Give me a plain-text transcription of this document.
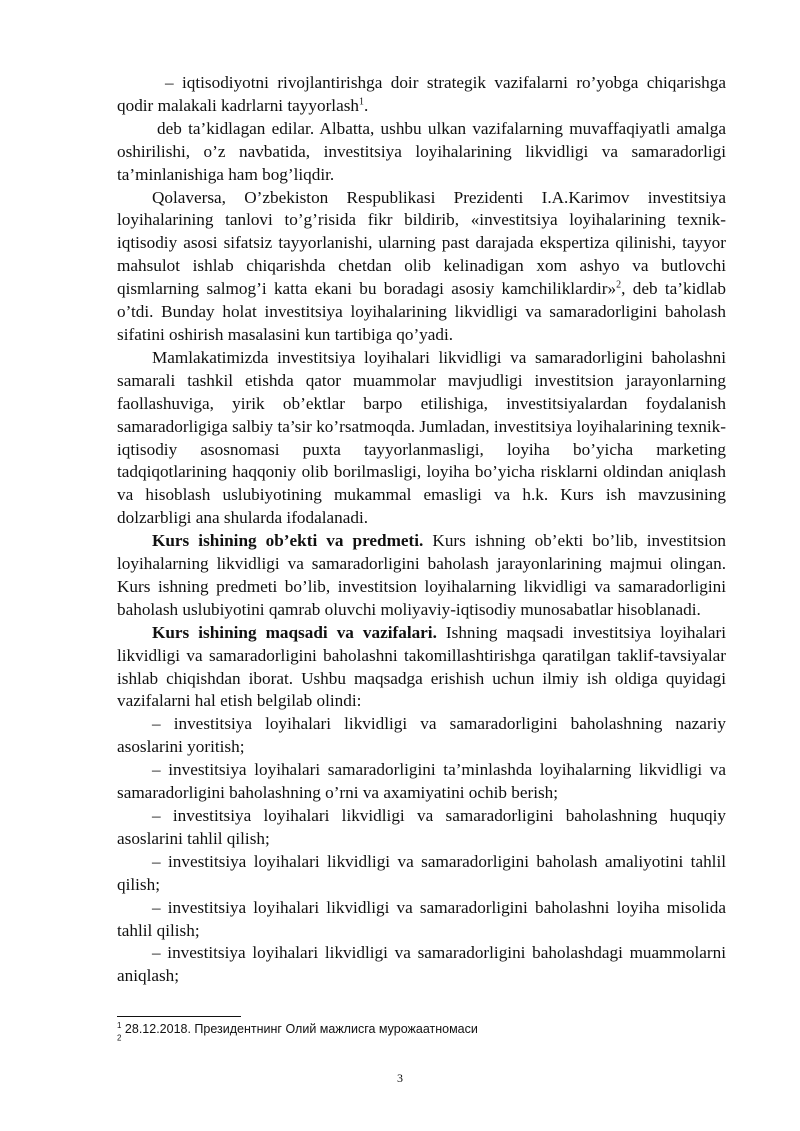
– iqtisodiyotni rivojlantirishga doir strategik vazifalarni ro’yobga chiqarishga qodir malakali kadrlarni tayyorlash$^1$.

deb ta’kidlagan edilar. Albatta, ushbu ulkan vazifalarning muvaffaqiyatli amalga oshirilishi, o’z navbatida, investitsiya loyihalarining likvidligi va samaradorligi ta’minlanishiga ham bog’liqdir.

Qolaversa, O’zbekiston Respublikasi Prezidenti I.A.Karimov investitsiya loyihalarining tanlovi to’g’risida fikr bildirib, «investitsiya loyihalarining texnik-iqtisodiy asosi sifatsiz tayyorlanishi, ularning past darajada ekspertiza qilinishi, tayyor mahsulot ishlab chiqarishda chetdan olib kelinadigan xom ashyo va butlovchi qismlarning salmog’i katta ekani bu boradagi asosiy kamchiliklardir»$^2$, deb ta’kidlab o’tdi. Bunday holat investitsiya loyihalarining likvidligi va samaradorligini baholash sifatini oshirish masalasini kun tartibiga qo’yadi.

Mamlakatimizda investitsiya loyihalari likvidligi va samaradorligini baholashni samarali tashkil etishda qator muammolar mavjudligi investitsion jarayonlarning faollashuviga, yirik ob’ektlar barpo etilishiga, investitsiyalardan foydalanish samaradorligiga salbiy ta’sir ko’rsatmoqda. Jumladan, investitsiya loyihalarining texnik-iqtisodiy asosnomasi puxta tayyorlanmasligi, loyiha bo’yicha marketing tadqiqotlarining haqqoniy olib borilmasligi, loyiha bo’yicha risklarni oldindan aniqlash va hisoblash uslubiyotining mukammal emasligi va h.k. Kurs ish mavzusining dolzarbligi ana shularda ifodalanadi.

Kurs ishining ob’ekti va predmeti. Kurs ishning ob’ekti bo’lib, investitsion loyihalarning likvidligi va samaradorligini baholash jarayonlarining majmui olingan. Kurs ishning predmeti bo’lib, investitsion loyihalarning likvidligi va samaradorligini baholash uslubiyotini qamrab oluvchi moliyaviy-iqtisodiy munosabatlar hisoblanadi.

Kurs ishining maqsadi va vazifalari. Ishning maqsadi investitsiya loyihalari likvidligi va samaradorligini baholashni takomillashtirishga qaratilgan taklif-tavsiyalar ishlab chiqishdan iborat. Ushbu maqsadga erishish uchun ilmiy ish oldiga quyidagi vazifalarni hal etish belgilab olindi:

– investitsiya loyihalari likvidligi va samaradorligini baholashning nazariy asoslarini yoritish;

– investitsiya loyihalari samaradorligini ta’minlashda loyihalarning likvidligi va samaradorligini baholashning o’rni va axamiyatini ochib berish;

– investitsiya loyihalari likvidligi va samaradorligini baholashning huquqiy asoslarini tahlil qilish;

– investitsiya loyihalari likvidligi va samaradorligini baholash amaliyotini tahlil qilish;

– investitsiya loyihalari likvidligi va samaradorligini baholashni loyiha misolida tahlil qilish;

– investitsiya loyihalari likvidligi va samaradorligini baholashdagi muammolarni aniqlash;

$^1$ 28.12.2018. Президентнинг Олий мажлисга мурожаатномаси
$^2$
3
